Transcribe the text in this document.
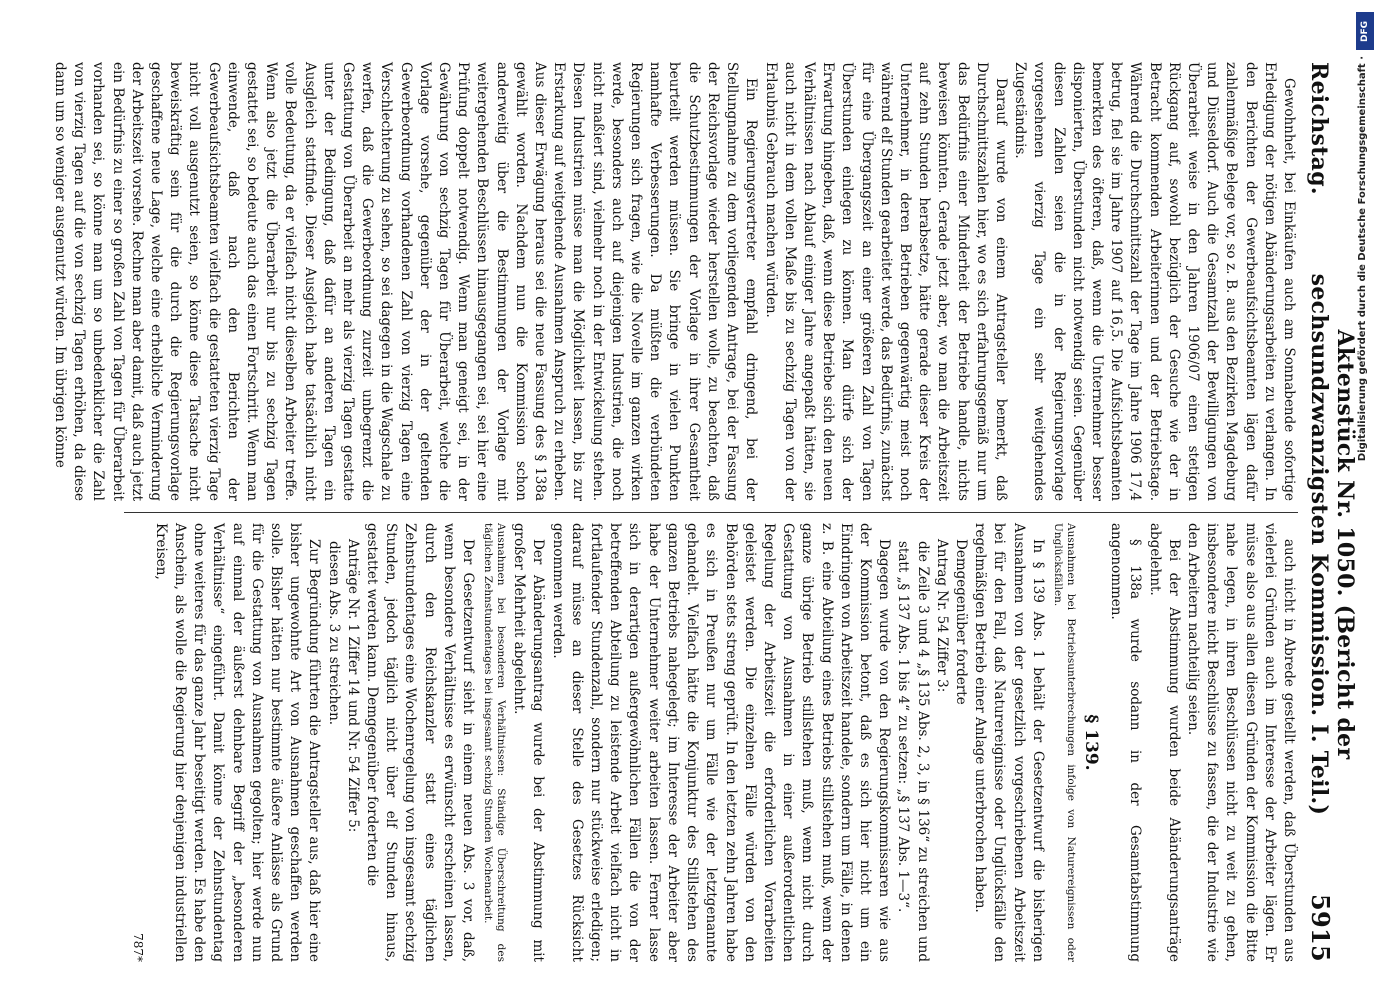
Reichstag.
Aktenstück Nr. 1050. (Bericht der sechsundzwanzigsten Kommission. I. Teil.)
5915

Gewohnheit, bei Einkäufen auch am Sonnabende sofortige Erledigung der nötigen Abänderungsarbeiten zu verlangen. In den Berichten der Gewerbeaufsichtsbeamten lägen dafür zahlenmäßige Belege vor, so z. B. aus den Bezirken Magdeburg und Düsseldorf. Auch die Gesamtzahl der Bewilligungen von Überarbeit weise in den Jahren 1906/07 einen stetigen Rückgang auf, sowohl bezüglich der Gesuche wie der in Betracht kommenden Arbeiterinnen und der Betriebstage. Während die Durchschnittszahl der Tage im Jahre 1906 17,4 betrug, fiel sie im Jahre 1907 auf 16,5. Die Aufsichtsbeamten bemerkten des öfteren, daß, wenn die Unternehmer besser disponierten, Überstunden nicht notwendig seien. Gegenüber diesen Zahlen seien die in der Regierungsvorlage vorgesehenen vierzig Tage ein sehr weitgehendes Zugeständnis.

Darauf wurde von einem Antragsteller bemerkt, daß Durchschnittszahlen hier, wo es sich erfahrungsgemäß nur um das Bedürfnis einer Minderheit der Betriebe handle, nichts beweisen könnten. Gerade jetzt aber, wo man die Arbeitszeit auf zehn Stunden herabsetze, hätte gerade dieser Kreis der Unternehmer, in deren Betrieben gegenwärtig meist noch während elf Stunden gearbeitet werde, das Bedürfnis, zunächst für eine Übergangszeit an einer größeren Zahl von Tagen Überstunden einlegen zu können. Man dürfe sich der Erwartung hingeben, daß, wenn diese Betriebe sich den neuen Verhältnissen nach Ablauf einiger Jahre angepaßt hätten, sie auch nicht in dem vollen Maße bis zu sechzig Tagen von der Erlaubnis Gebrauch machen würden.

Ein Regierungsvertreter empfahl dringend, bei der Stellungnahme zu dem vorliegenden Antrage, bei der Fassung der Reichsvorlage wieder herstellen wolle, zu beachten, daß die Schutzbestimmungen der Vorlage in ihrer Gesamtheit beurteilt werden müssen. Sie bringe in vielen Punkten namhafte Verbesserungen. Da müßten die verbündeten Regierungen sich fragen, wie die Novelle im ganzen wirken werde, besonders auch auf diejenigen Industrien, die noch nicht maßiert sind, vielmehr noch in der Entwickelung stehen. Diesen Industrien müsse man die Möglichkeit lassen, bis zur Erstarkung auf weitgehende Ausnahmen Anspruch zu erheben. Aus dieser Erwägung heraus sei die neue Fassung des § 138a gewählt worden. Nachdem nun die Kommission schon anderweitig über die Bestimmungen der Vorlage mit weitergehenden Beschlüssen hinausgegangen sei, sei hier eine Prüfung doppelt notwendig. Wenn man geneigt sei, in der Gewährung von sechzig Tagen für Überarbeit, welche die Vorlage vorsehe, gegenüber der in der geltenden Gewerbeordnung vorhandenen Zahl von vierzig Tagen eine Verschlechterung zu sehen, so sei dagegen in die Wagschale zu werfen, daß die Gewerbeordnung zurzeit unbegrenzt die Gestattung von Überarbeit an mehr als vierzig Tagen gestatte unter der Bedingung, daß dafür an anderen Tagen ein Ausgleich stattfinde. Dieser Ausgleich habe tatsächlich nicht volle Bedeutung, da er vielfach nicht dieselben Arbeiter treffe. Wenn also jetzt die Überarbeit nur bis zu sechzig Tagen gestattet sei, so bedeute auch das einen Fortschritt. Wenn man einwende, daß nach den Berichten der Gewerbeaufsichtsbeamten vielfach die gestatteten vierzig Tage nicht voll ausgenutzt seien, so könne diese Tatsache nicht beweiskräftig sein für die durch die Regierungsvorlage geschaffene neue Lage, welche eine erhebliche Verminderung der Arbeitszeit vorsehe. Rechne man aber damit, daß auch jetzt ein Bedürfnis zu einer so großen Zahl von Tagen für Überarbeit vorhanden sei, so könne man um so unbedenklicher die Zahl von vierzig Tagen auf die von sechzig Tagen erhöhen, da diese dann um so weniger ausgenutzt würden. Im übrigen könne

auch nicht in Abrede gestellt werden, daß Überstunden aus vielerlei Gründen auch im Interesse der Arbeiter lägen. Er müsse also aus allen diesen Gründen der Kommission die Bitte nahe legen, in ihren Beschlüssen nicht zu weit zu gehen, insbesondere nicht Beschlüsse zu fassen, die der Industrie wie den Arbeitern nachteilig seien.

Bei der Abstimmung wurden beide Abänderungsanträge abgelehnt.

§ 138a wurde sodann in der Gesamtabstimmung angenommen.

§ 139.

Ausnahmen bei Betriebsunterbrechungen infolge von Naturereignissen oder Unglücksfällen.

In § 139 Abs. 1 behält der Gesetzentwurf die bisherigen Ausnahmen von der gesetzlich vorgeschriebenen Arbeitszeit bei für den Fall, daß Naturereignisse oder Unglücksfälle den regelmäßigen Betrieb einer Anlage unterbrochen haben.

Demgegenüber forderte

Antrag Nr. 54 Ziffer 3:

die Zeile 3 und 4 „§ 135 Abs. 2, 3, in § 136“ zu streichen und statt „§ 137 Abs. 1 bis 4“ zu setzen: „§ 137 Abs. 1—3“.

Dagegen wurde von den Regierungskommissaren wie aus der Kommission betont, daß es sich hier nicht um ein Eindringen von Arbeitszeit handele, sondern um Fälle, in denen z. B. eine Abteilung eines Betriebs stillstehen muß, wenn der ganze übrige Betrieb stillstehen muß, wenn nicht durch Gestattung von Ausnahmen in einer außerordentlichen Regelung der Arbeitszeit die erforderlichen Vorarbeiten geleistet werden. Die einzelnen Fälle würden von den Behörden stets streng geprüft. In den letzten zehn Jahren habe es sich in Preußen nur um Fälle wie der letztgenannte gehandelt. Vielfach hätte die Konjunktur des Stillstehen des ganzen Betriebs nahegelegt; im Interesse der Arbeiter aber habe der Unternehmer weiter arbeiten lassen. Ferner lasse sich in derartigen außergewöhnlichen Fällen die von der betreffenden Abteilung zu leistende Arbeit vielfach nicht in fortlaufender Stundenzahl, sondern nur stückweise erledigen; darauf müsse an dieser Stelle des Gesetzes Rücksicht genommen werden.

Der Abänderungsantrag wurde bei der Abstimmung mit großer Mehrheit abgelehnt.

Ausnahmen bei besonderen Verhältnissen: Ständige Überschreitung des täglichen Zehnstundentages bei insgesamt sechzig Stunden Wochenarbeit.

Der Gesetzentwurf sieht in einem neuen Abs. 3 vor, daß, wenn besondere Verhältnisse es erwünscht erscheinen lassen, durch den Reichskanzler statt eines täglichen Zehnstundentages eine Wochenregelung von insgesamt sechzig Stunden, jedoch täglich nicht über elf Stunden hinaus, gestattet werden kann. Demgegenüber forderten die

Anträge Nr. 1 Ziffer 14 und Nr. 54 Ziffer 5:

diesen Abs. 3 zu streichen.

Zur Begründung führten die Antragsteller aus, daß hier eine bisher ungewohnte Art von Ausnahmen geschaffen werden solle. Bisher hätten nur bestimmte äußere Anlässe als Grund für die Gestattung von Ausnahmen gegolten; hier werde nun auf einmal der äußerst dehnbare Begriff der „besonderen Verhältnisse“ eingeführt. Damit könne der Zehnstundentag ohne weiteres für das ganze Jahr beseitigt werden. Es habe den Anschein, als wolle die Regierung hier denjenigen industriellen Kreisen,

787*
DFG
Digitalisierung gefördert durch die Deutsche Forschungsgemeinschaft ·
